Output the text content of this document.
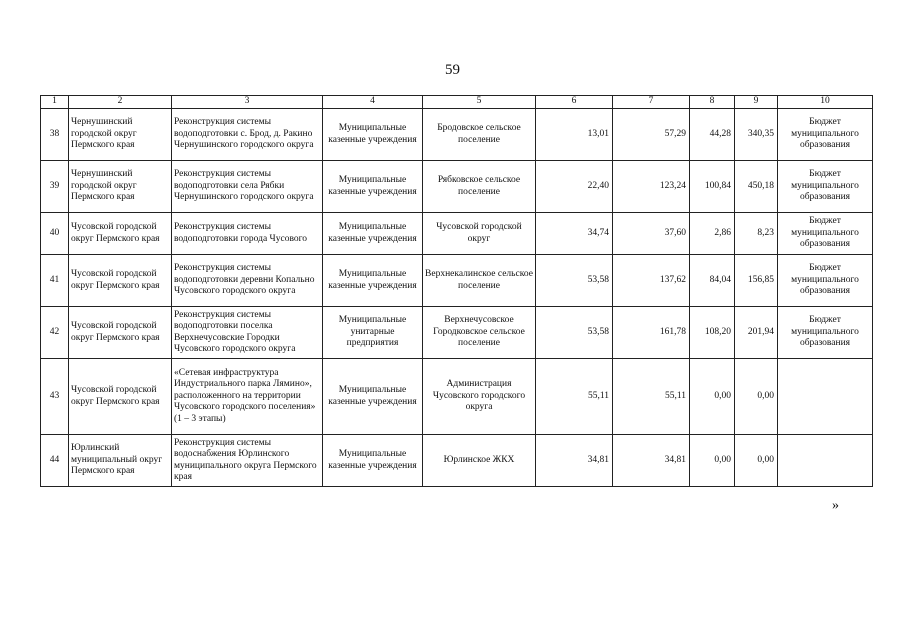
59
1	2	3	4	5	6	7	8	9	10
38	Чернушинский городской округ Пермского края	Реконструкция системы водоподготовки с. Брод, д. Ракино Чернушинского городского округа	Муниципальные казенные учреждения	Бродовское сельское поселение	13,01	57,29	44,28	340,35	Бюджет муниципального образования
39	Чернушинский городской округ Пермского края	Реконструкция системы водоподготовки села Рябки Чернушинского городского округа	Муниципальные казенные учреждения	Рябковское сельское поселение	22,40	123,24	100,84	450,18	Бюджет муниципального образования
40	Чусовской городской округ Пермского края	Реконструкция системы водоподготовки города Чусового	Муниципальные казенные учреждения	Чусовской городской округ	34,74	37,60	2,86	8,23	Бюджет муниципального образования
41	Чусовской городской округ Пермского края	Реконструкция системы водоподготовки деревни Копально Чусовского городского округа	Муниципальные казенные учреждения	Верхнекалинское сельское поселение	53,58	137,62	84,04	156,85	Бюджет муниципального образования
42	Чусовской городской округ Пермского края	Реконструкция системы водоподготовки поселка Верхнечусовские Городки Чусовского городского округа	Муниципальные унитарные предприятия	Верхнечусовское Городковское сельское поселение	53,58	161,78	108,20	201,94	Бюджет муниципального образования
43	Чусовской городской округ Пермского края	«Сетевая инфраструктура Индустриального парка Лямино», расположенного на территории Чусовского городского поселения» (1 – 3 этапы)	Муниципальные казенные учреждения	Администрация Чусовского городского округа	55,11	55,11	0,00	0,00	
44	Юрлинский муниципальный округ Пермского края	Реконструкция системы водоснабжения Юрлинского муниципального округа Пермского края	Муниципальные казенные учреждения	Юрлинское ЖКХ	34,81	34,81	0,00	0,00	
»
